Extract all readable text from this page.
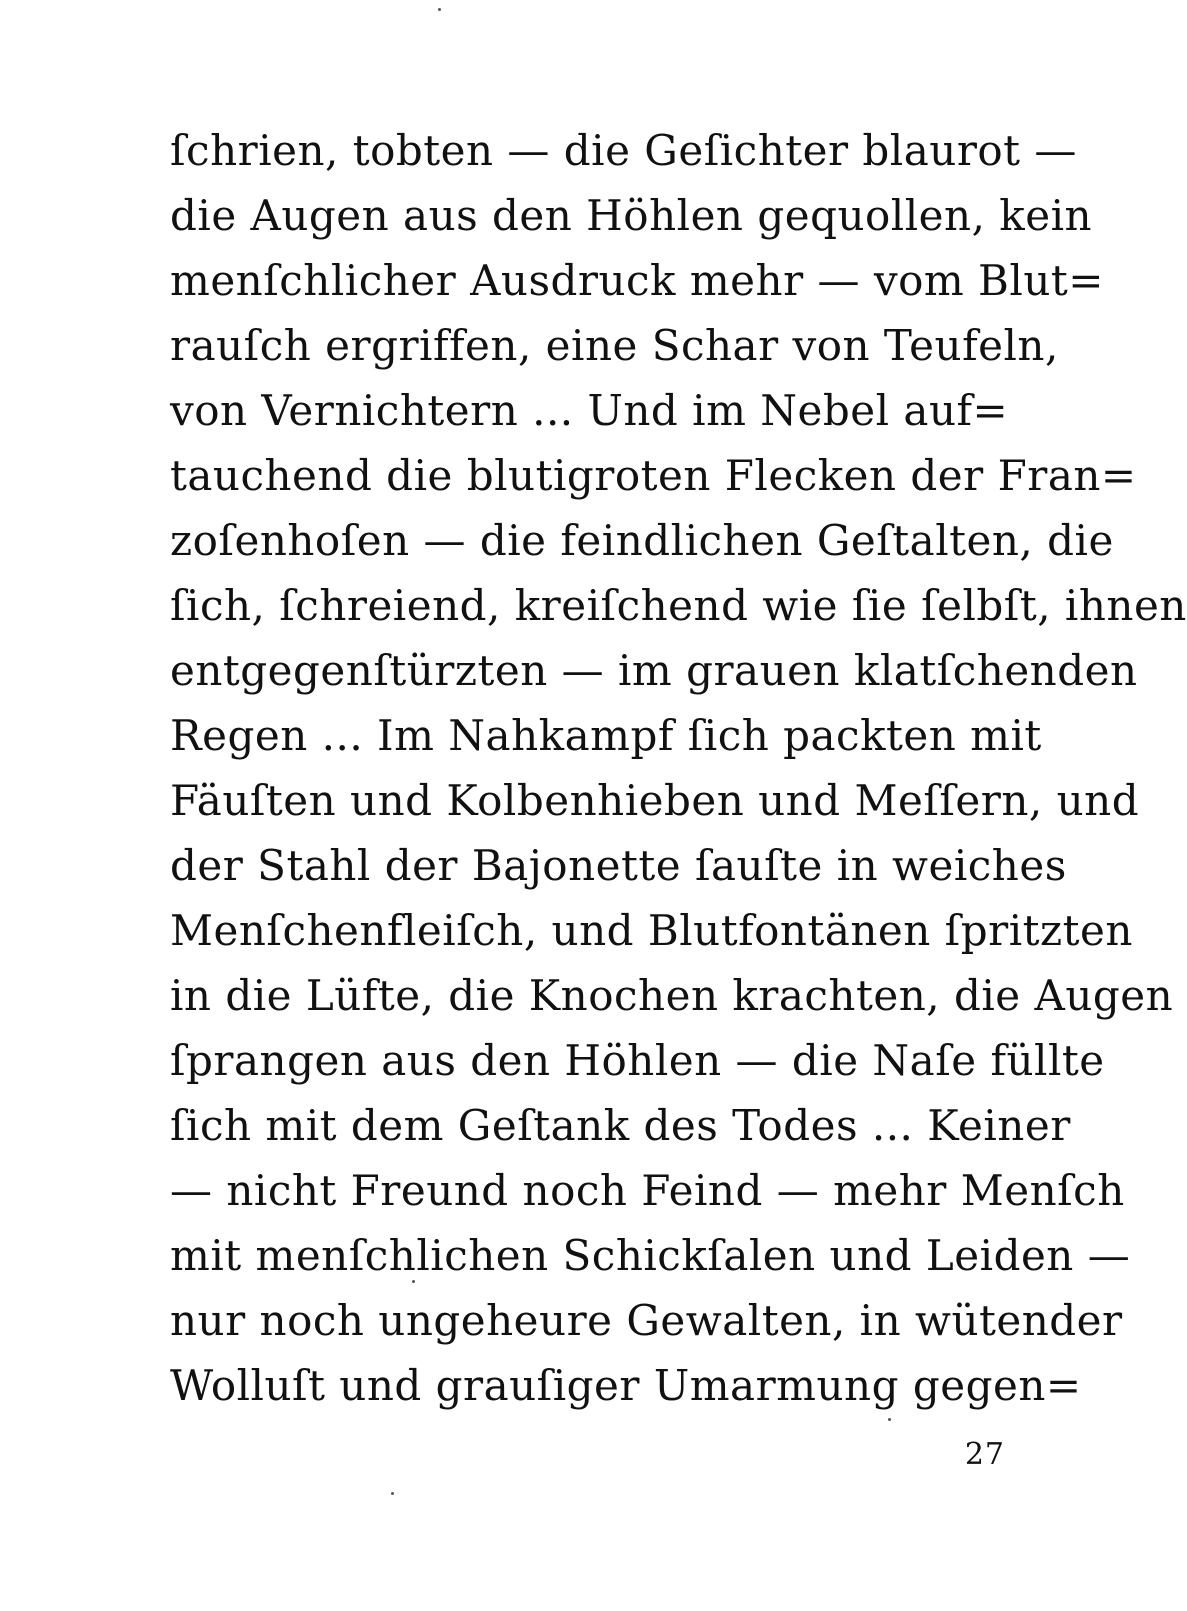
ſchrien, tobten — die Geſichter blaurot —
die Augen aus den Höhlen gequollen, kein
menſchlicher Ausdruck mehr — vom Blut=
rauſch ergriffen, eine Schar von Teufeln,
von Vernichtern ... Und im Nebel auf=
tauchend die blutigroten Flecken der Fran=
zoſenhoſen — die feindlichen Geſtalten, die
ſich, ſchreiend, kreiſchend wie ſie ſelbſt, ihnen
entgegenſtürzten — im grauen klatſchenden
Regen ... Im Nahkampf ſich packten mit
Fäuſten und Kolbenhieben und Meſſern, und
der Stahl der Bajonette ſauſte in weiches
Menſchenfleiſch, und Blutfontänen ſpritzten
in die Lüfte, die Knochen krachten, die Augen
ſprangen aus den Höhlen — die Naſe füllte
ſich mit dem Geſtank des Todes ... Keiner
— nicht Freund noch Feind — mehr Menſch
mit menſchlichen Schickſalen und Leiden —
nur noch ungeheure Gewalten, in wütender
Wolluſt und grauſiger Umarmung gegen=
27
